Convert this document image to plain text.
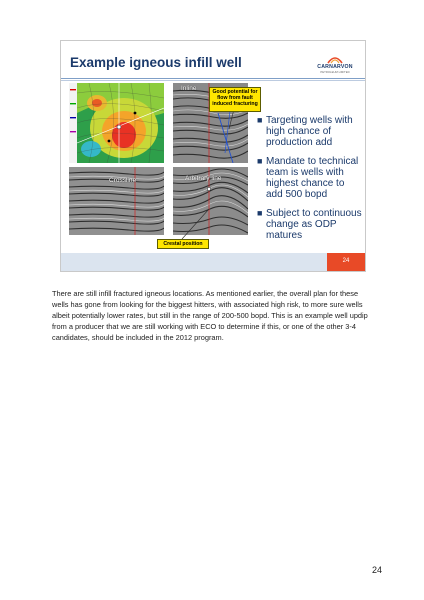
Example igneous infill well	CARNARVON
PETROLEUM LIMITED
Inline
Crossline	Arbitrary line
Good potential for flow from fault induced fracturing
Crestal position
■ Targeting wells with high chance of production add
■ Mandate to technical team is wells with highest chance to add 500 bopd
■ Subject to continuous change as ODP matures
24
There are still infill fractured igneous locations. As mentioned earlier, the overall plan for these wells has gone from looking for the biggest hitters, with associated high risk, to more sure wells albeit potentially lower rates, but still in the range of 200-500 bopd. This is an example well updip from a producer that we are still working with ECO to determine if this, or one of the other 3-4 candidates, should be included in the 2012 program.
24
